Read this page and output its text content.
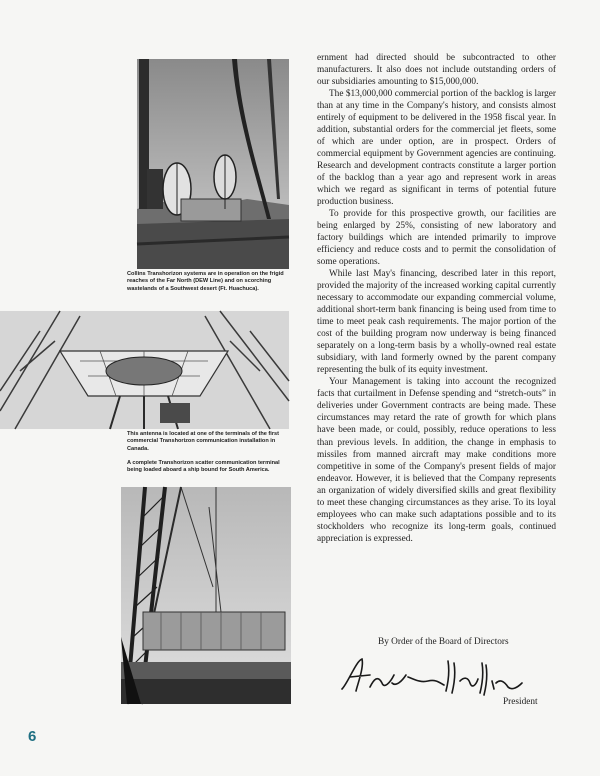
Collins Transhorizon systems are in operation on the frigid reaches of the Far North (DEW Line) and on scorching wastelands of a Southwest desert (Ft. Huachuca).

This antenna is located at one of the terminals of the first commercial Transhorizon communication installation in Canada.

A complete Transhorizon scatter communication terminal being loaded aboard a ship bound for South America.

ernment had directed should be subcontracted to other manufacturers. It also does not include outstanding orders of our subsidiaries amounting to $15,000,000.

The $13,000,000 commercial portion of the backlog is larger than at any time in the Company's history, and consists almost entirely of equipment to be delivered in the 1958 fiscal year. In addition, substantial orders for the commercial jet fleets, some of which are under option, are in prospect. Orders of commercial equipment by Government agencies are continuing. Research and development contracts constitute a larger portion of the backlog than a year ago and represent work in areas which we regard as significant in terms of potential future production business.

To provide for this prospective growth, our facilities are being enlarged by 25%, consisting of new laboratory and factory buildings which are intended primarily to improve efficiency and reduce costs and to permit the consolidation of some operations.

While last May's financing, described later in this report, provided the majority of the increased working capital currently necessary to accommodate our expanding commercial volume, additional short-term bank financing is being used from time to time to meet peak cash requirements. The major portion of the cost of the building program now underway is being financed separately on a long-term basis by a wholly-owned real estate subsidiary, with land formerly owned by the parent company representing the bulk of its equity investment.

Your Management is taking into account the recognized facts that curtailment in Defense spending and “stretch-outs” in deliveries under Government contracts are being made. These circumstances may retard the rate of growth for which plans have been made, or could, possibly, reduce operations to less than previous levels. In addition, the change in emphasis to missiles from manned aircraft may make conditions more competitive in some of the Company's present fields of major endeavor. However, it is believed that the Company represents an organization of widely diversified skills and great flexibility to meet these changing circumstances as they arise. To its loyal employees who can make such adaptations possible and to its stockholders who recognize its long-term goals, continued appreciation is expressed.

By Order of the Board of Directors

Arthur A. Collins

President

6
